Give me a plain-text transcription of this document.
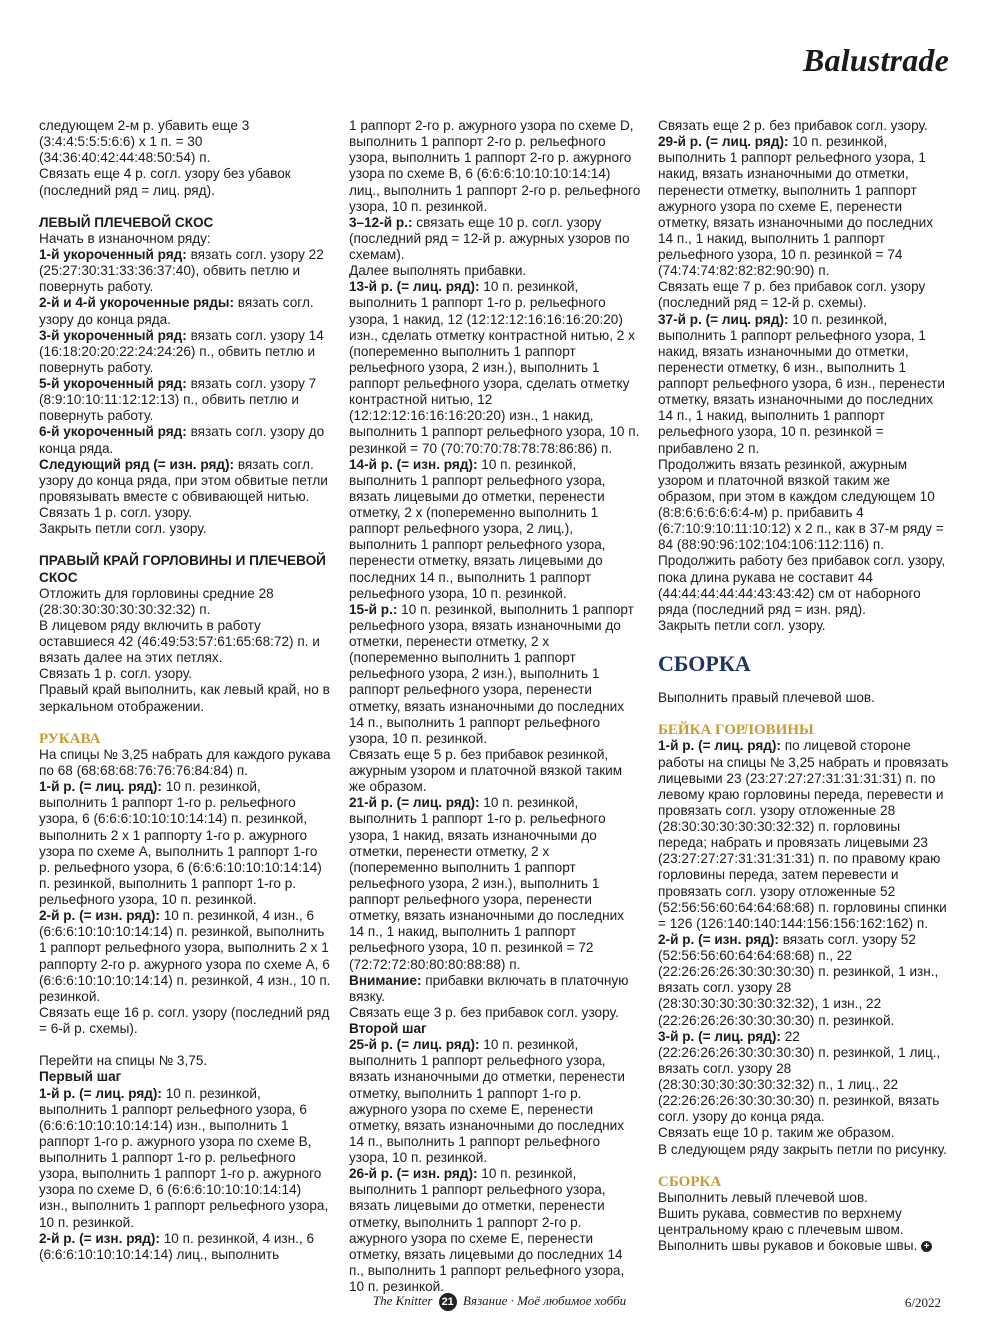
Balustrade

следующем 2-м р. убавить еще 3 (3:4:4:5:5:5:6:6) х 1 п. = 30 (34:36:40:42:44:48:50:54) п.

Связать еще 4 р. согл. узору без убавок (последний ряд = лиц. ряд).

ЛЕВЫЙ ПЛЕЧЕВОЙ СКОС

Начать в изнаночном ряду:

1-й укороченный ряд: вязать согл. узору 22 (25:27:30:31:33:36:37:40), обвить петлю и повернуть работу.

2-й и 4-й укороченные ряды: вязать согл. узору до конца ряда.

3-й укороченный ряд: вязать согл. узору 14 (16:18:20:20:22:24:24:26) п., обвить петлю и повернуть работу.

5-й укороченный ряд: вязать согл. узору 7 (8:9:10:10:11:12:12:13) п., обвить петлю и повернуть работу.

6-й укороченный ряд: вязать согл. узору до конца ряда.

Следующий ряд (= изн. ряд): вязать согл. узору до конца ряда, при этом обвитые петли провязывать вместе с обвивающей нитью.

Связать 1 р. согл. узору.

Закрыть петли согл. узору.

ПРАВЫЙ КРАЙ ГОРЛОВИНЫ И ПЛЕЧЕВОЙ СКОС

Отложить для горловины средние 28 (28:30:30:30:30:30:32:32) п.

В лицевом ряду включить в работу оставшиеся 42 (46:49:53:57:61:65:68:72) п. и вязать далее на этих петлях.

Связать 1 р. согл. узору.

Правый край выполнить, как левый край, но в зеркальном отображении.

РУКАВА

На спицы № 3,25 набрать для каждого рукава по 68 (68:68:68:76:76:76:84:84) п.

1-й р. (= лиц. ряд): 10 п. резинкой, выполнить 1 раппорт 1-го р. рельефного узора, 6 (6:6:6:10:10:10:14:14) п. резинкой, выполнить 2 х 1 раппорту 1-го р. ажурного узора по схеме А, выполнить 1 раппорт 1-го р. рельефного узора, 6 (6:6:6:10:10:10:14:14) п. резинкой, выполнить 1 раппорт 1-го р. рельефного узора, 10 п. резинкой.

2-й р. (= изн. ряд): 10 п. резинкой, 4 изн., 6 (6:6:6:10:10:10:14:14) п. резинкой, выполнить 1 раппорт рельефного узора, выполнить 2 х 1 раппорту 2-го р. ажурного узора по схеме А, 6 (6:6:6:10:10:10:14:14) п. резинкой, 4 изн., 10 п. резинкой.

Связать еще 16 р. согл. узору (последний ряд = 6-й р. схемы).

Перейти на спицы № 3,75.

Первый шаг

1-й р. (= лиц. ряд): 10 п. резинкой, выполнить 1 раппорт рельефного узора, 6 (6:6:6:10:10:10:14:14) изн., выполнить 1 раппорт 1-го р. ажурного узора по схеме В, выполнить 1 раппорт 1-го р. рельефного узора, выполнить 1 раппорт 1-го р. ажурного узора по схеме D, 6 (6:6:6:10:10:10:14:14) изн., выполнить 1 раппорт рельефного узора, 10 п. резинкой.

2-й р. (= изн. ряд): 10 п. резинкой, 4 изн., 6 (6:6:6:10:10:10:14:14) лиц., выполнить

1 раппорт 2-го р. ажурного узора по схеме D, выполнить 1 раппорт 2-го р. рельефного узора, выполнить 1 раппорт 2-го р. ажурного узора по схеме В, 6 (6:6:6:10:10:10:14:14) лиц., выполнить 1 раппорт 2-го р. рельефного узора, 10 п. резинкой.

3–12-й р.: связать еще 10 р. согл. узору (последний ряд = 12-й р. ажурных узоров по схемам).

Далее выполнять прибавки.

13-й р. (= лиц. ряд): 10 п. резинкой, выполнить 1 раппорт 1-го р. рельефного узора, 1 накид, 12 (12:12:12:16:16:16:20:20) изн., сделать отметку контрастной нитью, 2 х (попеременно выполнить 1 раппорт рельефного узора, 2 изн.), выполнить 1 раппорт рельефного узора, сделать отметку контрастной нитью, 12 (12:12:12:16:16:16:20:20) изн., 1 накид, выполнить 1 раппорт рельефного узора, 10 п. резинкой = 70 (70:70:70:78:78:78:86:86) п.

14-й р. (= изн. ряд): 10 п. резинкой, выполнить 1 раппорт рельефного узора, вязать лицевыми до отметки, перенести отметку, 2 х (попеременно выполнить 1 раппорт рельефного узора, 2 лиц.), выполнить 1 раппорт рельефного узора, перенести отметку, вязать лицевыми до последних 14 п., выполнить 1 раппорт рельефного узора, 10 п. резинкой.

15-й р.: 10 п. резинкой, выполнить 1 раппорт рельефного узора, вязать изнаночными до отметки, перенести отметку, 2 х (попеременно выполнить 1 раппорт рельефного узора, 2 изн.), выполнить 1 раппорт рельефного узора, перенести отметку, вязать изнаночными до последних 14 п., выполнить 1 раппорт рельефного узора, 10 п. резинкой.

Связать еще 5 р. без прибавок резинкой, ажурным узором и платочной вязкой таким же образом.

21-й р. (= лиц. ряд): 10 п. резинкой, выполнить 1 раппорт 1-го р. рельефного узора, 1 накид, вязать изнаночными до отметки, перенести отметку, 2 х (попеременно выполнить 1 раппорт рельефного узора, 2 изн.), выполнить 1 раппорт рельефного узора, перенести отметку, вязать изнаночными до последних 14 п., 1 накид, выполнить 1 раппорт рельефного узора, 10 п. резинкой = 72 (72:72:72:80:80:80:88:88) п.

Внимание: прибавки включать в платочную вязку.

Связать еще 3 р. без прибавок согл. узору.

Второй шаг

25-й р. (= лиц. ряд): 10 п. резинкой, выполнить 1 раппорт рельефного узора, вязать изнаночными до отметки, перенести отметку, выполнить 1 раппорт 1-го р. ажурного узора по схеме Е, перенести отметку, вязать изнаночными до последних 14 п., выполнить 1 раппорт рельефного узора, 10 п. резинкой.

26-й р. (= изн. ряд): 10 п. резинкой, выполнить 1 раппорт рельефного узора, вязать лицевыми до отметки, перенести отметку, выполнить 1 раппорт 2-го р. ажурного узора по схеме Е, перенести отметку, вязать лицевыми до последних 14 п., выполнить 1 раппорт рельефного узора, 10 п. резинкой.

Связать еще 2 р. без прибавок согл. узору.

29-й р. (= лиц. ряд): 10 п. резинкой, выполнить 1 раппорт рельефного узора, 1 накид, вязать изнаночными до отметки, перенести отметку, выполнить 1 раппорт ажурного узора по схеме Е, перенести отметку, вязать изнаночными до последних 14 п., 1 накид, выполнить 1 раппорт рельефного узора, 10 п. резинкой = 74 (74:74:74:82:82:82:90:90) п.

Связать еще 7 р. без прибавок согл. узору (последний ряд = 12-й р. схемы).

37-й р. (= лиц. ряд): 10 п. резинкой, выполнить 1 раппорт рельефного узора, 1 накид, вязать изнаночными до отметки, перенести отметку, 6 изн., выполнить 1 раппорт рельефного узора, 6 изн., перенести отметку, вязать изнаночными до последних 14 п., 1 накид, выполнить 1 раппорт рельефного узора, 10 п. резинкой = прибавлено 2 п.

Продолжить вязать резинкой, ажурным узором и платочной вязкой таким же образом, при этом в каждом следующем 10 (8:8:6:6:6:6:6:4-м) р. прибавить 4 (6:7:10:9:10:11:10:12) х 2 п., как в 37-м ряду = 84 (88:90:96:102:104:106:112:116) п.

Продолжить работу без прибавок согл. узору, пока длина рукава не составит 44 (44:44:44:44:44:43:43:42) см от наборного ряда (последний ряд = изн. ряд).

Закрыть петли согл. узору.

СБОРКА

Выполнить правый плечевой шов.

БЕЙКА ГОРЛОВИНЫ

1-й р. (= лиц. ряд): по лицевой стороне работы на спицы № 3,25 набрать и провязать лицевыми 23 (23:27:27:27:31:31:31:31) п. по левому краю горловины переда, перевести и провязать согл. узору отложенные 28 (28:30:30:30:30:30:32:32) п. горловины переда; набрать и провязать лицевыми 23 (23:27:27:27:31:31:31:31) п. по правому краю горловины переда, затем перевести и провязать согл. узору отложенные 52 (52:56:56:60:64:64:68:68) п. горловины спинки = 126 (126:140:140:144:156:156:162:162) п.

2-й р. (= изн. ряд): вязать согл. узору 52 (52:56:56:60:64:64:68:68) п., 22 (22:26:26:26:30:30:30:30) п. резинкой, 1 изн., вязать согл. узору 28 (28:30:30:30:30:30:32:32), 1 изн., 22 (22:26:26:26:30:30:30:30) п. резинкой.

3-й р. (= лиц. ряд): 22 (22:26:26:26:30:30:30:30) п. резинкой, 1 лиц., вязать согл. узору 28 (28:30:30:30:30:30:32:32) п., 1 лиц., 22 (22:26:26:26:30:30:30:30) п. резинкой, вязать согл. узору до конца ряда.

Связать еще 10 р. таким же образом.

В следующем ряду закрыть петли по рисунку.

СБОРКА

Выполнить левый плечевой шов.

Вшить рукава, совместив по верхнему центральному краю с плечевым швом.

Выполнить швы рукавов и боковые швы. +

The Knitter 21 Вязание · Моё любимое хобби	6/2022
